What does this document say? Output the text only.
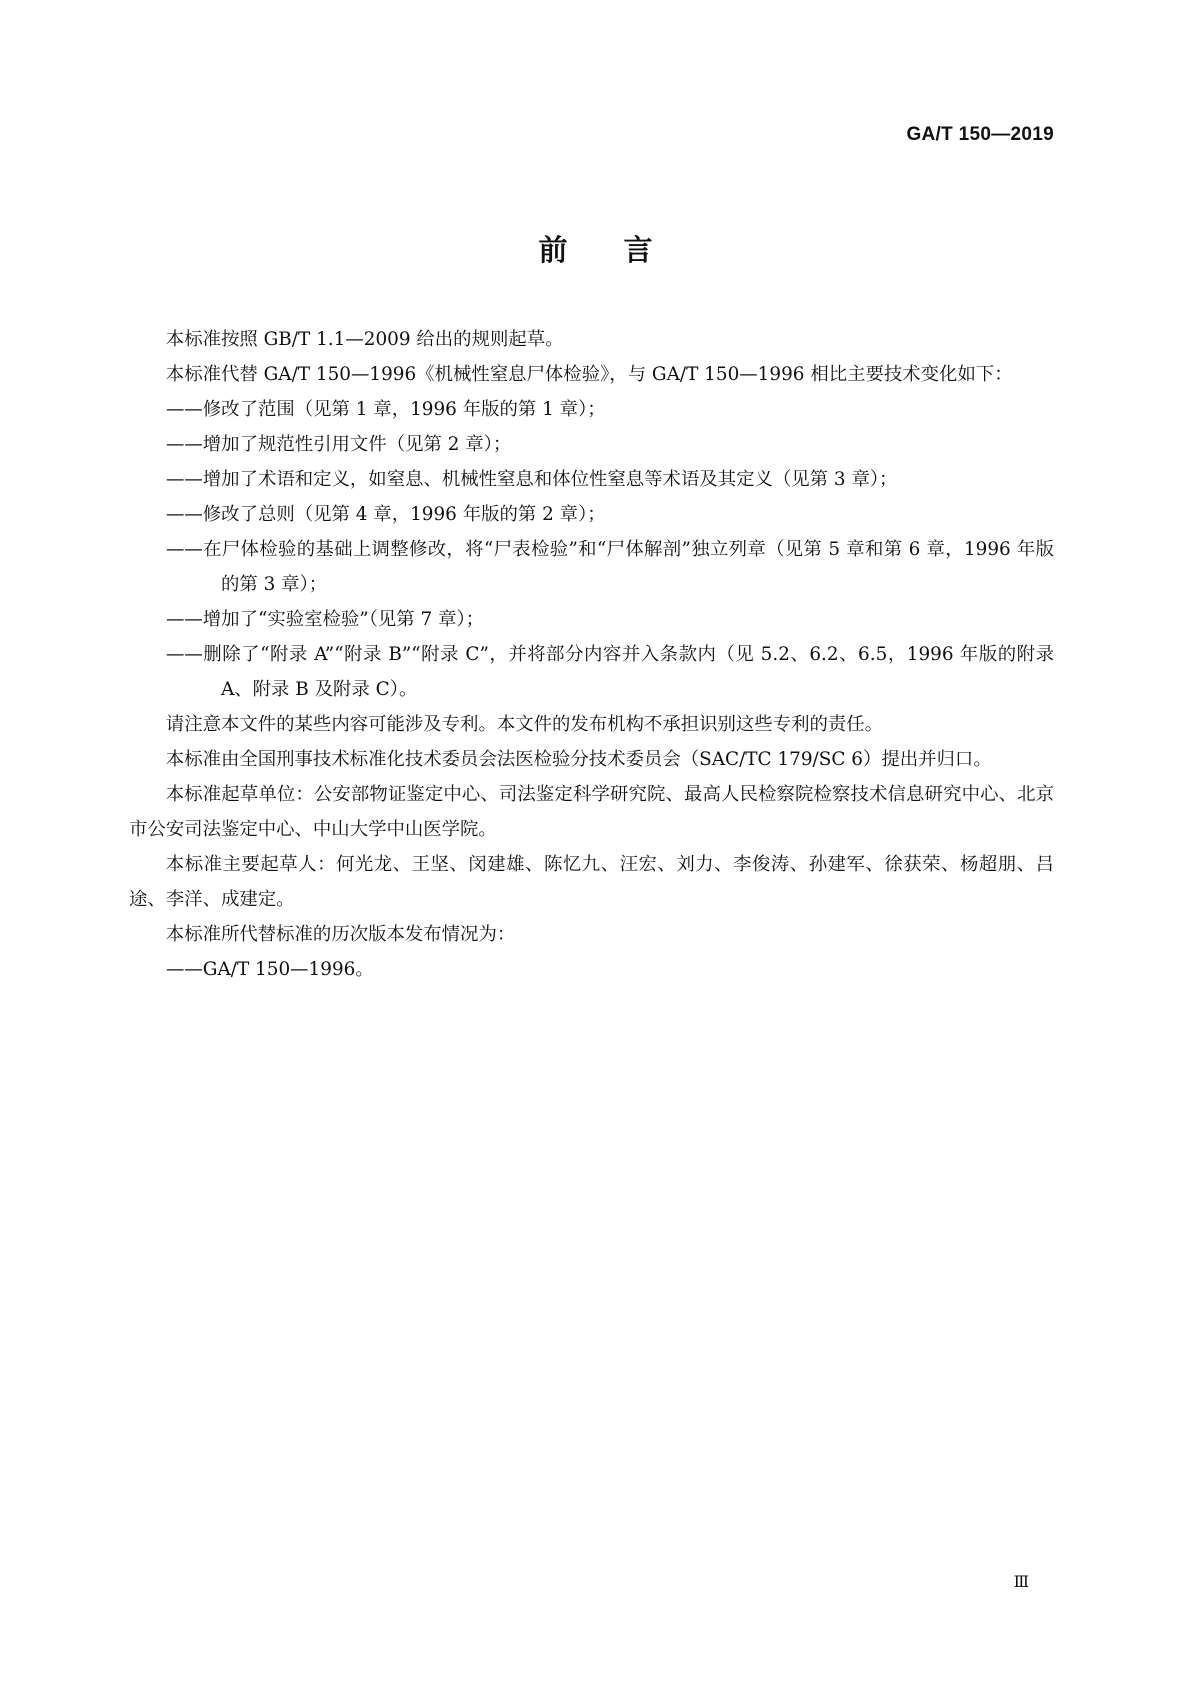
GA/T 150—2019

前言

本标准按照 GB/T 1.1—2009 给出的规则起草。

本标准代替 GA/T 150—1996《机械性窒息尸体检验》，与 GA/T 150—1996 相比主要技术变化如下：

——修改了范围（见第 1 章，1996 年版的第 1 章）；
——增加了规范性引用文件（见第 2 章）；
——增加了术语和定义，如窒息、机械性窒息和体位性窒息等术语及其定义（见第 3 章）；
——修改了总则（见第 4 章，1996 年版的第 2 章）；
——在尸体检验的基础上调整修改，将“尸表检验”和“尸体解剖”独立列章（见第 5 章和第 6 章，1996 年版的第 3 章）；
——增加了“实验室检验”（见第 7 章）；
——删除了“附录 A”“附录 B”“附录 C”，并将部分内容并入条款内（见 5.2、6.2、6.5，1996 年版的附录 A、附录 B 及附录 C）。

请注意本文件的某些内容可能涉及专利。本文件的发布机构不承担识别这些专利的责任。

本标准由全国刑事技术标准化技术委员会法医检验分技术委员会（SAC/TC 179/SC 6）提出并归口。

本标准起草单位：公安部物证鉴定中心、司法鉴定科学研究院、最高人民检察院检察技术信息研究中心、北京市公安司法鉴定中心、中山大学中山医学院。

本标准主要起草人：何光龙、王坚、闵建雄、陈忆九、汪宏、刘力、李俊涛、孙建军、徐获荣、杨超朋、吕途、李洋、成建定。

本标准所代替标准的历次版本发布情况为：

——GA/T 150—1996。

Ⅲ
